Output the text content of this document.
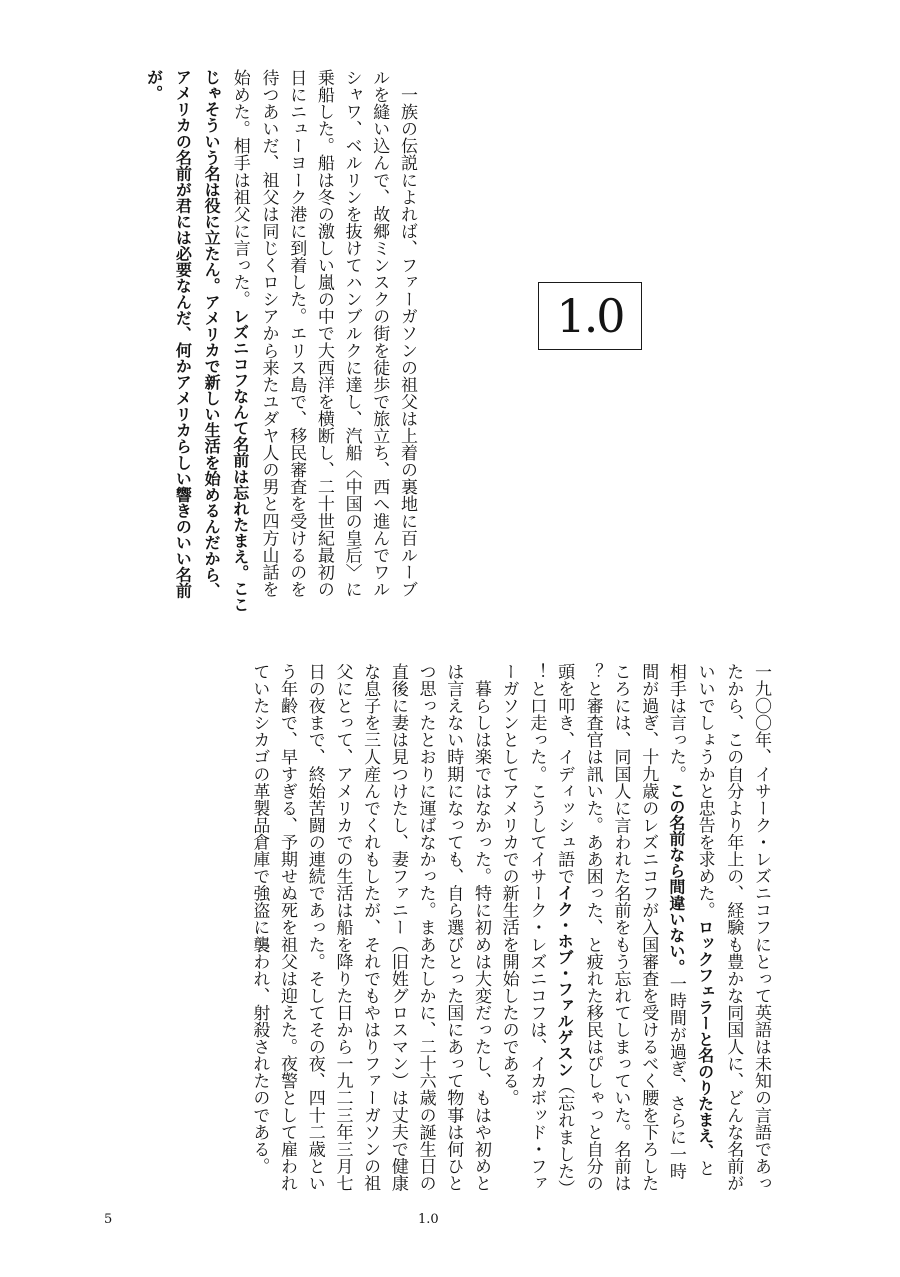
　一族の伝説によれば、ファーガソンの祖父は上着の裏地に百ルーブルを縫い込んで、故郷ミンスクの街を徒歩で旅立ち、西へ進んでワルシャワ、ベルリンを抜けてハンブルクに達し、汽船〈中国の皇后〉に乗船した。船は冬の激しい嵐の中で大西洋を横断し、二十世紀最初の日にニューヨーク港に到着した。エリス島で、移民審査を受けるのを待つあいだ、祖父は同じくロシアから来たユダヤ人の男と四方山話を始めた。相手は祖父に言った。レズニコフなんて名前は忘れたまえ。ここじゃそういう名は役に立たん。アメリカで新しい生活を始めるんだから、アメリカの名前が君には必要なんだ、何かアメリカらしい響きのいい名前が。
1.0
一九〇〇年、イサーク・レズニコフにとって英語は未知の言語であったから、この自分より年上の、経験も豊かな同国人に、どんな名前がいいでしょうかと忠告を求めた。ロックフェラーと名のりたまえ、と相手は言った。この名前なら間違いない。一時間が過ぎ、さらに一時間が過ぎ、十九歳のレズニコフが入国審査を受けるべく腰を下ろしたころには、同国人に言われた名前をもう忘れてしまっていた。名前は？と審査官は訊いた。ああ困った、と疲れた移民はぴしゃっと自分の頭を叩き、イディッシュ語でイク・ホブ・ファルゲスン（忘れました）！と口走った。こうしてイサーク・レズニコフは、イカボッド・ファーガソンとしてアメリカでの新生活を開始したのである。
　暮らしは楽ではなかった。特に初めは大変だったし、もはや初めとは言えない時期になっても、自ら選びとった国にあって物事は何ひとつ思ったとおりに運ばなかった。まあたしかに、二十六歳の誕生日の直後に妻は見つけたし、妻ファニー（旧姓グロスマン）は丈夫で健康な息子を三人産んでくれもしたが、それでもやはりファーガソンの祖父にとって、アメリカでの生活は船を降りた日から一九二三年三月七日の夜まで、終始苦闘の連続であった。そしてその夜、四十二歳という年齢で、早すぎる、予期せぬ死を祖父は迎えた。夜警として雇われていたシカゴの革製品倉庫で強盗に襲われ、射殺されたのである。
5	1.0
